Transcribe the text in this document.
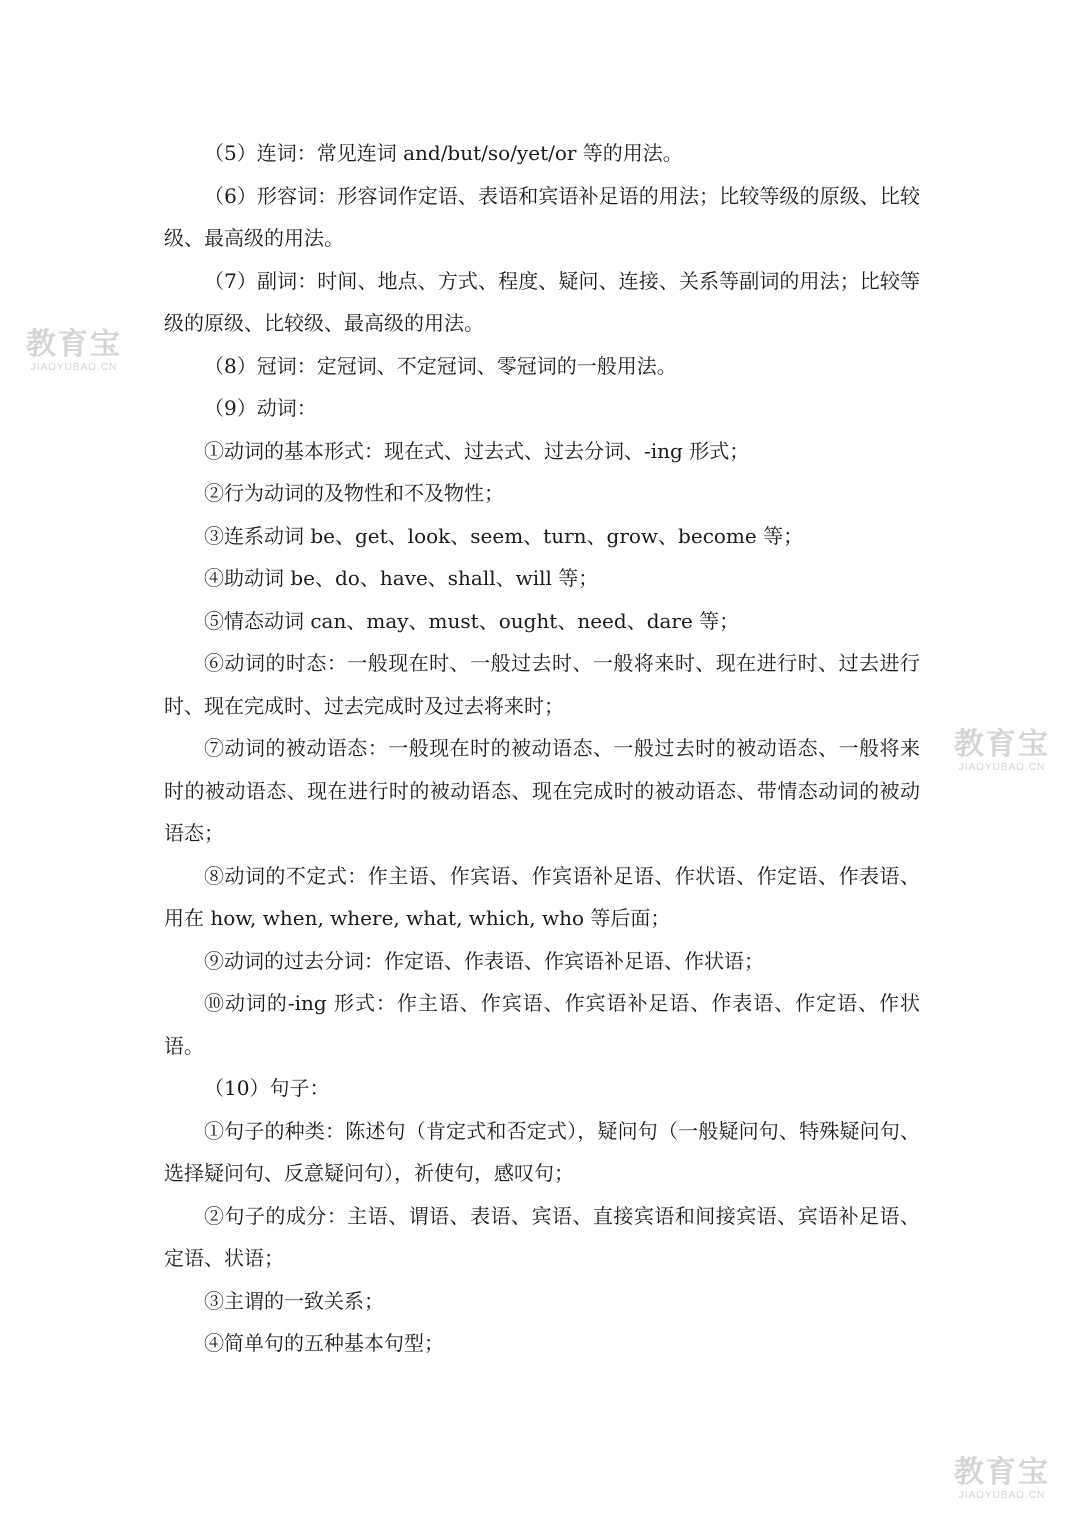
（5）连词：常见连词 and/but/so/yet/or 等的用法。

（6）形容词：形容词作定语、表语和宾语补足语的用法；比较等级的原级、比较级、最高级的用法。

（7）副词：时间、地点、方式、程度、疑问、连接、关系等副词的用法；比较等级的原级、比较级、最高级的用法。

（8）冠词：定冠词、不定冠词、零冠词的一般用法。

（9）动词：

①动词的基本形式：现在式、过去式、过去分词、-ing 形式；

②行为动词的及物性和不及物性；

③连系动词 be、get、look、seem、turn、grow、become 等；

④助动词 be、do、have、shall、will 等；

⑤情态动词 can、may、must、ought、need、dare 等；

⑥动词的时态：一般现在时、一般过去时、一般将来时、现在进行时、过去进行时、现在完成时、过去完成时及过去将来时；

⑦动词的被动语态：一般现在时的被动语态、一般过去时的被动语态、一般将来时的被动语态、现在进行时的被动语态、现在完成时的被动语态、带情态动词的被动语态；

⑧动词的不定式：作主语、作宾语、作宾语补足语、作状语、作定语、作表语、用在 how, when, where, what, which, who 等后面；

⑨动词的过去分词：作定语、作表语、作宾语补足语、作状语；

⑩动词的-ing 形式：作主语、作宾语、作宾语补足语、作表语、作定语、作状语。

（10）句子：

①句子的种类：陈述句（肯定式和否定式），疑问句（一般疑问句、特殊疑问句、选择疑问句、反意疑问句），祈使句，感叹句；

②句子的成分：主语、谓语、表语、宾语、直接宾语和间接宾语、宾语补足语、定语、状语；

③主谓的一致关系；

④简单句的五种基本句型；

教育宝
JIAOYUBAO.CN
教育宝
JIAOYUBAO.CN
教育宝
JIAOYUBAO.CN
